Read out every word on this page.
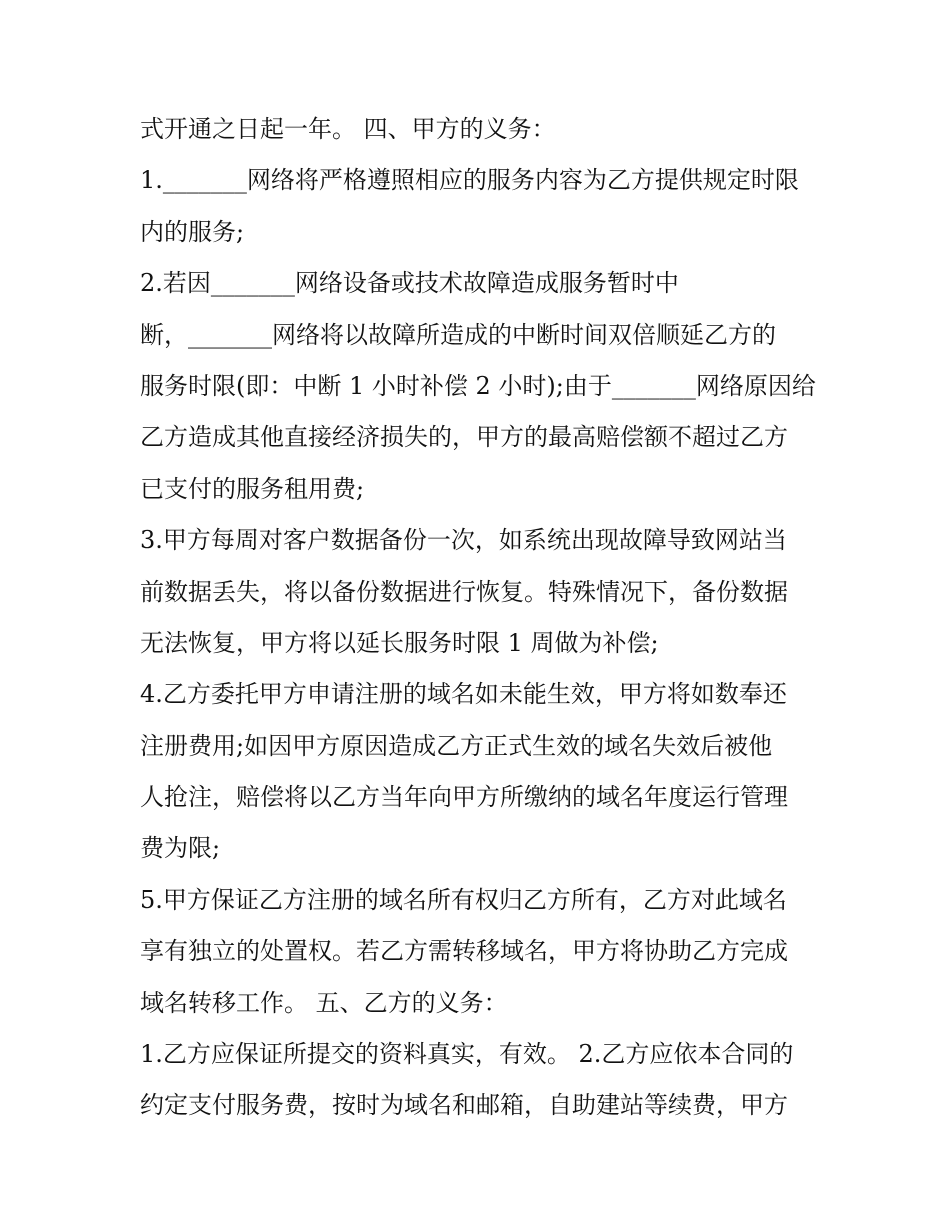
式开通之日起一年。 四、甲方的义务：
1._______网络将严格遵照相应的服务内容为乙方提供规定时限
内的服务;
2.若因_______网络设备或技术故障造成服务暂时中
断，_______网络将以故障所造成的中断时间双倍顺延乙方的
服务时限(即：中断 1 小时补偿 2 小时);由于_______网络原因给
乙方造成其他直接经济损失的，甲方的最高赔偿额不超过乙方
已支付的服务租用费;
3.甲方每周对客户数据备份一次，如系统出现故障导致网站当
前数据丢失，将以备份数据进行恢复。特殊情况下，备份数据
无法恢复，甲方将以延长服务时限 1 周做为补偿;
4.乙方委托甲方申请注册的域名如未能生效，甲方将如数奉还
注册费用;如因甲方原因造成乙方正式生效的域名失效后被他
人抢注，赔偿将以乙方当年向甲方所缴纳的域名年度运行管理
费为限;
5.甲方保证乙方注册的域名所有权归乙方所有，乙方对此域名
享有独立的处置权。若乙方需转移域名，甲方将协助乙方完成
域名转移工作。 五、乙方的义务：
1.乙方应保证所提交的资料真实，有效。 2.乙方应依本合同的
约定支付服务费，按时为域名和邮箱，自助建站等续费，甲方
